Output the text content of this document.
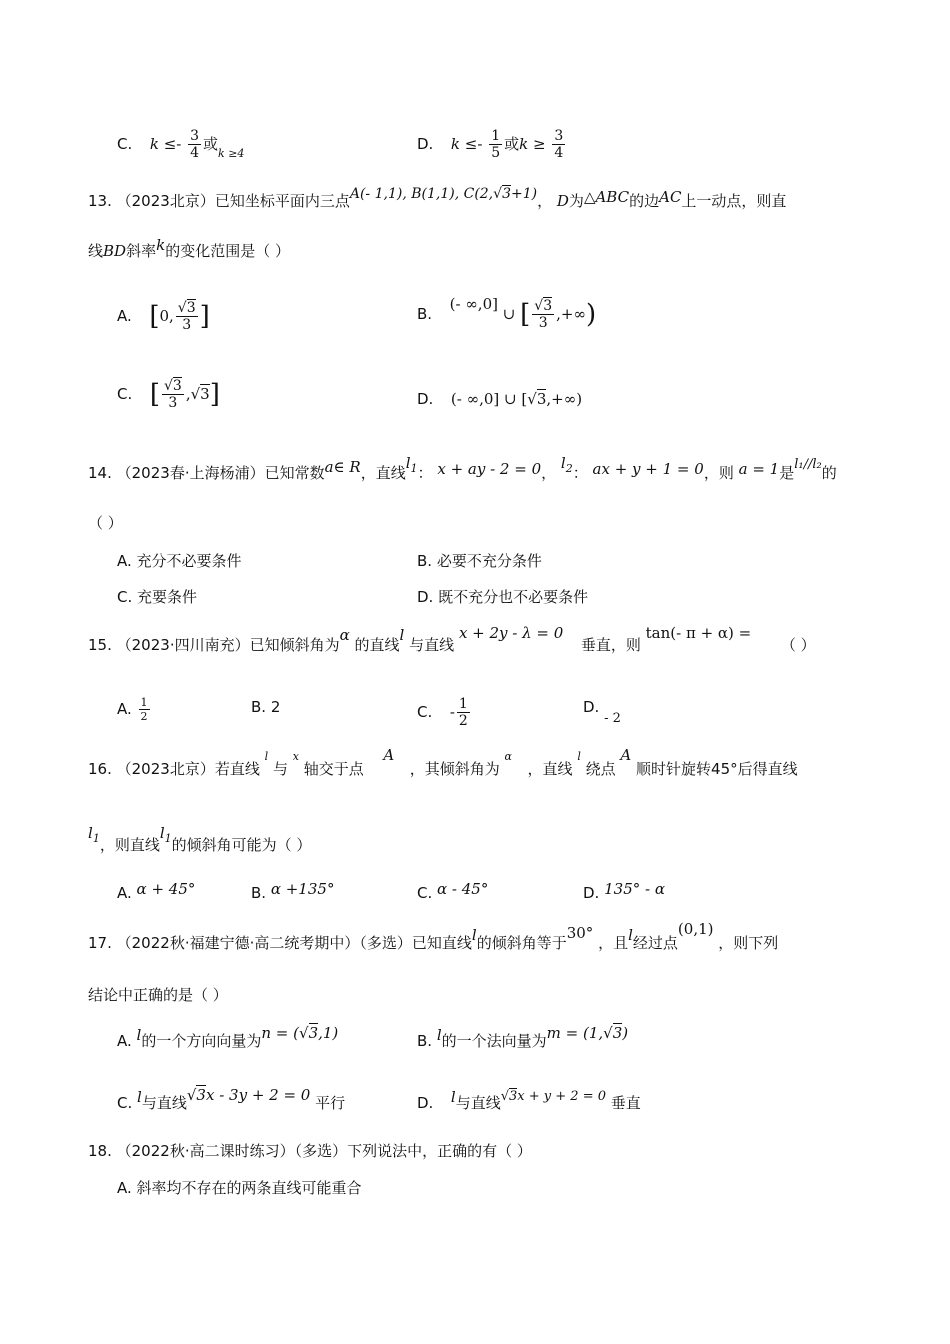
C. $k \le- \frac{3}{4}$ 或$_{k \ge 4}$
D. $k \le- \frac{1}{5}$ 或$k \ge \frac{3}{4}$
13. （2023北京）已知坐标平面内三点A(- 1,1), B(1,1), C(2,√3+1)， D为△ABC的边AC上一动点，则直
线BD斜率k的变化范围是（ ）
A. [0, $\frac{√3}{3}$ ]	B.  (- ∞,0] ∪ [ $\frac{√3}{3}$ ,+∞)
C. [ $\frac{√3}{3} ,√3$]	D. (- ∞,0] ∪ [√3,+∞)
14. （2023春·上海杨浦）已知常数a∈ R，直线$l_1$： x + ay - 2 = 0， $l_2$： ax + y + 1 = 0，则 a = 1是l₁//l₂的
（ ）
A. 充分不必要条件	B. 必要不充分条件
C. 充要条件	D. 既不充分也不必要条件
15. （2023·四川南充）已知倾斜角为α 的直线l 与直线 x + 2y - λ = 0  垂直，则 tan(- π + α) =  （ ）
A. $\frac{1}{2}$	B. 2	C. - $\frac{1}{2}$	D. - 2
16. （2023北京）若直线 $^l$ 与 $^x$ 轴交于点  A  ，其倾斜角为 $^\alpha$  ，直线 $^l$ 绕点 A 顺时针旋转45°后得直线
$l_1$，则直线$l_1$的倾斜角可能为（ ）
A. α + 45°	B. α +135°	C. α - 45°	D. 135° - α
17. （2022秋·福建宁德·高二统考期中）（多选）已知直线l的倾斜角等于30° ，且l经过点(0,1) ，则下列
结论中正确的是（ ）
A. l的一个方向向量为n = (√3,1)	B. l的一个法向量为m = (1,√3)
C. l与直线√3x - 3y + 2 = 0 平行	D. l与直线√3x + y + 2 = 0 垂直
18. （2022秋·高二课时练习）（多选）下列说法中，正确的有（ ）
A. 斜率均不存在的两条直线可能重合
